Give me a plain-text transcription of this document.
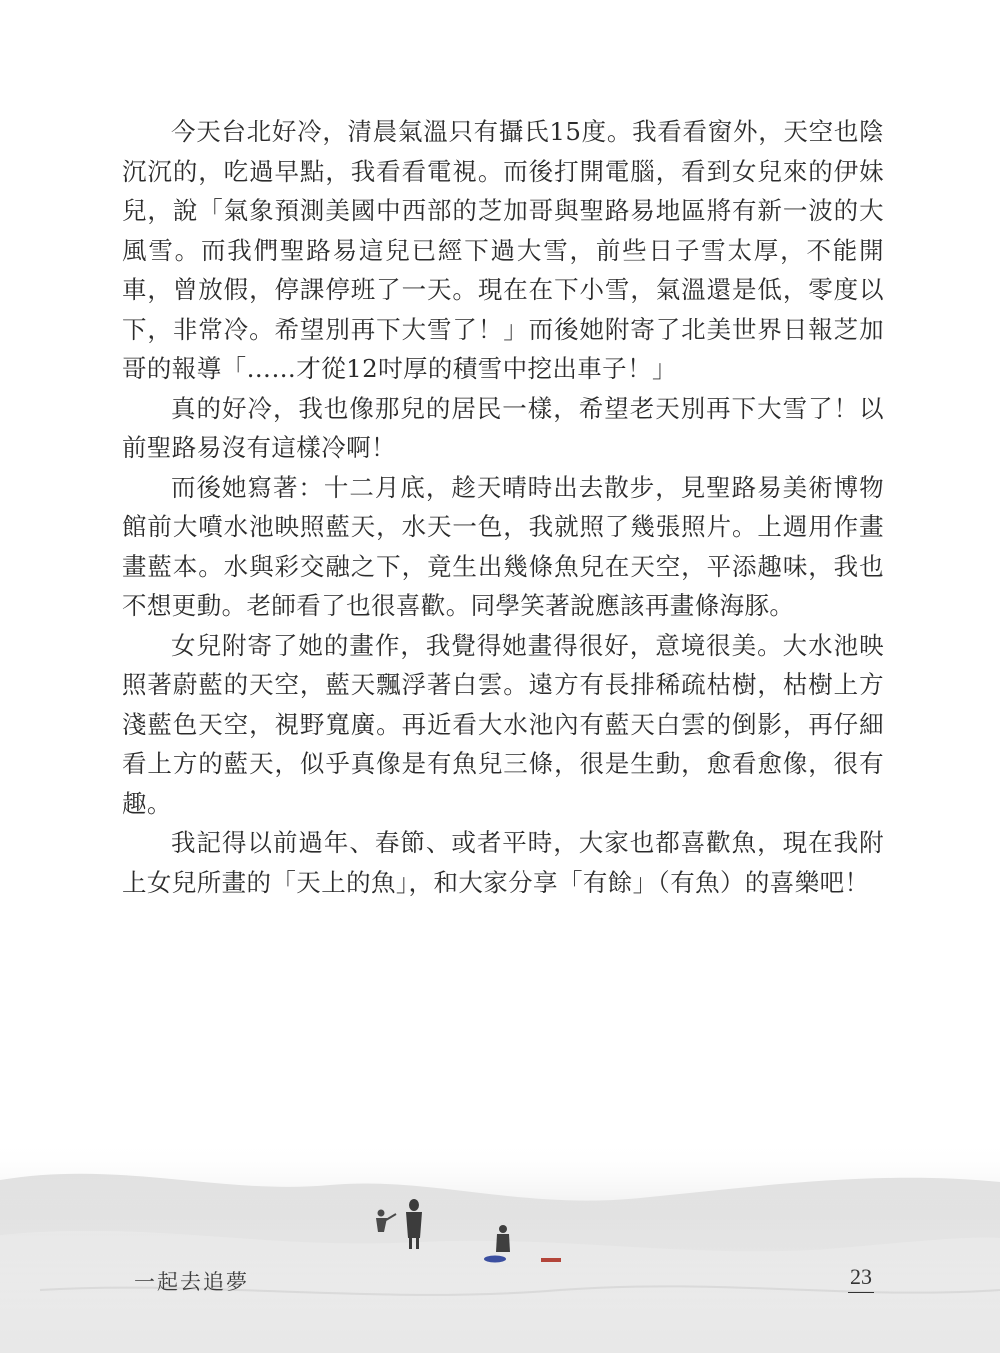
今天台北好冷，清晨氣溫只有攝氏15度。我看看窗外，天空也陰沉沉的，吃過早點，我看看電視。而後打開電腦，看到女兒來的伊妹兒，說「氣象預測美國中西部的芝加哥與聖路易地區將有新一波的大風雪。而我們聖路易這兒已經下過大雪，前些日子雪太厚，不能開車，曾放假，停課停班了一天。現在在下小雪，氣溫還是低，零度以下，非常冷。希望別再下大雪了！」而後她附寄了北美世界日報芝加哥的報導「……才從12吋厚的積雪中挖出車子！」

真的好冷，我也像那兒的居民一樣，希望老天別再下大雪了！以前聖路易沒有這樣冷啊！

而後她寫著：十二月底，趁天晴時出去散步，見聖路易美術博物館前大噴水池映照藍天，水天一色，我就照了幾張照片。上週用作畫畫藍本。水與彩交融之下，竟生出幾條魚兒在天空，平添趣味，我也不想更動。老師看了也很喜歡。同學笑著說應該再畫條海豚。

女兒附寄了她的畫作，我覺得她畫得很好，意境很美。大水池映照著蔚藍的天空，藍天飄浮著白雲。遠方有長排稀疏枯樹，枯樹上方淺藍色天空，視野寬廣。再近看大水池內有藍天白雲的倒影，再仔細看上方的藍天，似乎真像是有魚兒三條，很是生動，愈看愈像，很有趣。

我記得以前過年、春節、或者平時，大家也都喜歡魚，現在我附上女兒所畫的「天上的魚」，和大家分享「有餘」（有魚）的喜樂吧！

一起去追夢	23
